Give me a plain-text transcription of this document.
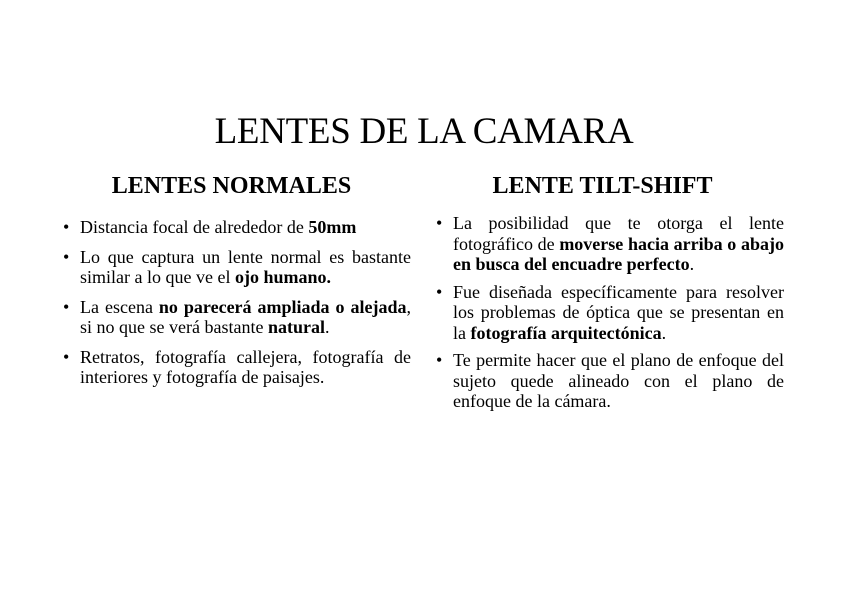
LENTES DE LA CAMARA
LENTES NORMALES
• Distancia focal de alrededor de 50mm
• Lo que captura un lente normal es bastante similar a lo que ve el ojo humano.
• La escena no parecerá ampliada o alejada, si no que se verá bastante natural.
• Retratos, fotografía callejera, fotografía de interiores y fotografía de paisajes.
LENTE TILT-SHIFT
• La posibilidad que te otorga el lente fotográfico de moverse hacia arriba o abajo en busca del encuadre perfecto.
• Fue diseñada específicamente para resolver los problemas de óptica que se presentan en la fotografía arquitectónica.
• Te permite hacer que el plano de enfoque del sujeto quede alineado con el plano de enfoque de la cámara.
